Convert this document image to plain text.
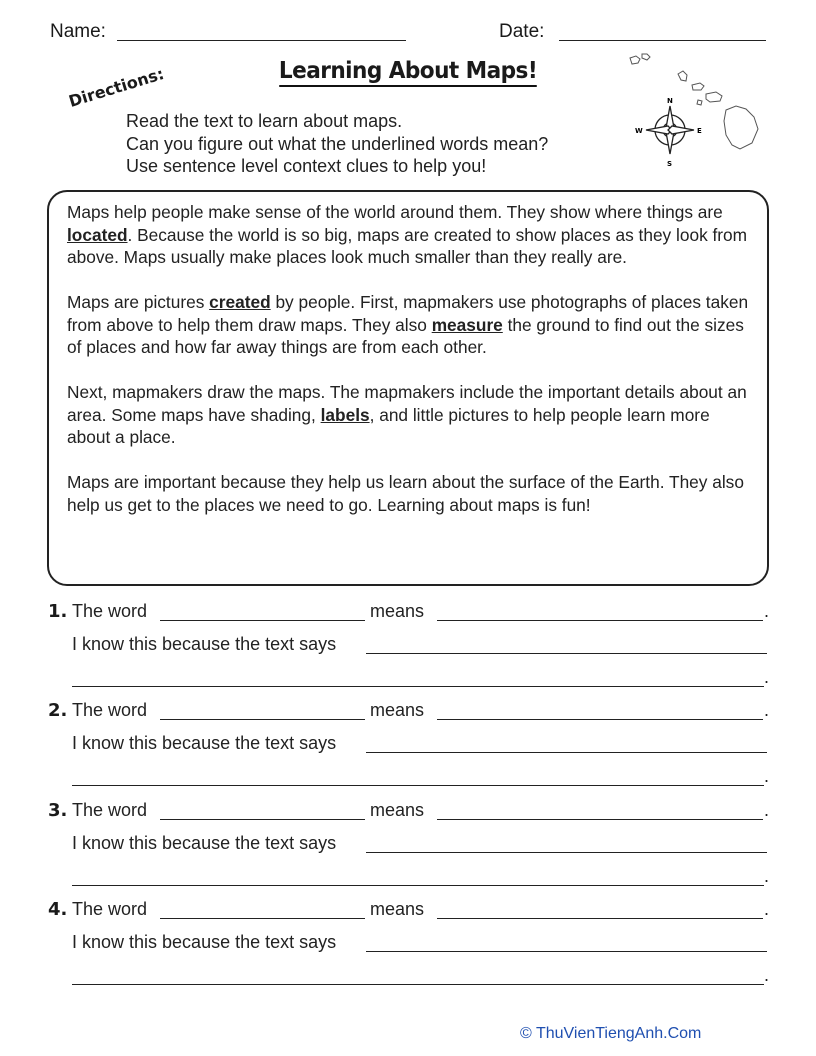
Name:	Date:
Learning About Maps!
Directions:
Read the text to learn about maps.
Can you figure out what the underlined words mean?
Use sentence level context clues to help you!
N
S
E
W

Maps help people make sense of the world around them. They show where things are located. Because the world is so big, maps are created to show places as they look from above. Maps usually make places look much smaller than they really are.

Maps are pictures created by people. First, mapmakers use photographs of places taken from above to help them draw maps. They also measure the ground to find out the sizes of places and how far away things are from each other.

Next, mapmakers draw the maps. The mapmakers include the important details about an area. Some maps have shading, labels, and little pictures to help people learn more about a place.

Maps are important because they help us learn about the surface of the Earth. They also help us get to the places we need to go. Learning about maps is fun!

1. The word	means	.
I know this because the text says
.
2. The word	means	.
I know this because the text says
.
3. The word	means	.
I know this because the text says
.
4. The word	means	.
I know this because the text says
.
© ThuVienTiengAnh.Com
